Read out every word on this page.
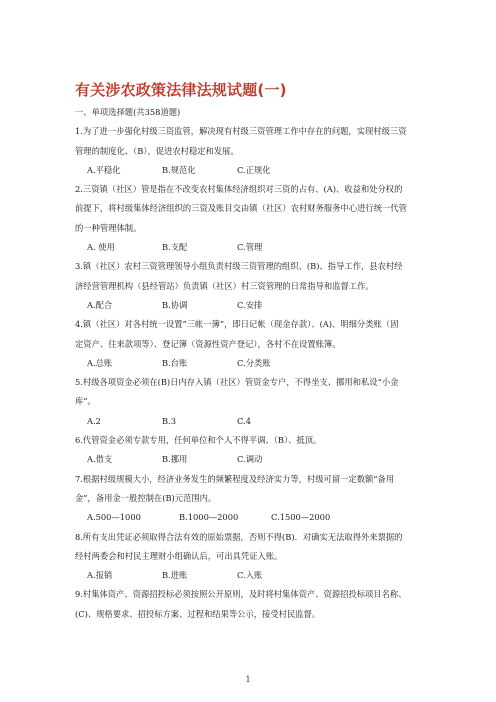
有关涉农政策法律法规试题(一)
一、单项选择题(共358道题)
1.为了进一步强化村级三资监管，解决现有村级三资管理工作中存在的问题，实现村级三资
管理的制度化、（B），促进农村稳定和发展。
A.平稳化	B.规范化	C.正规化
2.三资镇（社区）管是指在不改变农村集体经济组织对三资的占有、(A)、收益和处分权的
前提下，将村级集体经济组织的三资及账目交由镇（社区）农村财务服务中心进行统一代管
的一种管理体制。
A. 使用	B.支配	C.管理
3.镇（社区）农村三资管理领导小组负责村级三资管理的组织、(B)、指导工作，县农村经
济经营管理机构（县经管站）负责镇（社区）村三资管理的日常指导和监督工作。
A.配合	B.协调	C.安排
4.镇（社区）对各村统一设置“三帐一簿”，即日记帐（现金存款）、(A)、明细分类账（固
定资产、往来款项等）、登记簿（资源性资产登记），各村不在设置账簿。
A.总账	B.台账	C.分类账
5.村级各项资金必须在(B)日内存入镇（社区）管资金专户，不得坐支、挪用和私设“小金
库”。
A.2	B.3	C.4
6.代管资金必须专款专用，任何单位和个人不得平调、（B）、抵顶。
A.借支	B.挪用	C.调动
7.根据村级规模大小，经济业务发生的频繁程度及经济实力等，村级可留一定数额“备用
金”，备用金一般控制在(B)元范围内。
A.500—1000	B.1000—2000	C.1500—2000
8.所有支出凭证必须取得合法有效的原始票据，否则不得(B)．对确实无法取得外来票据的
经村两委会和村民主理财小组确认后，可出具凭证入账。
A.报销	B.进账	C.入账
9.村集体资产、资源招投标必须按照公开原则，及时将村集体资产、资源招投标项目名称、
(C)、规格要求、招投标方案、过程和结果等公示，接受村民监督。
1
